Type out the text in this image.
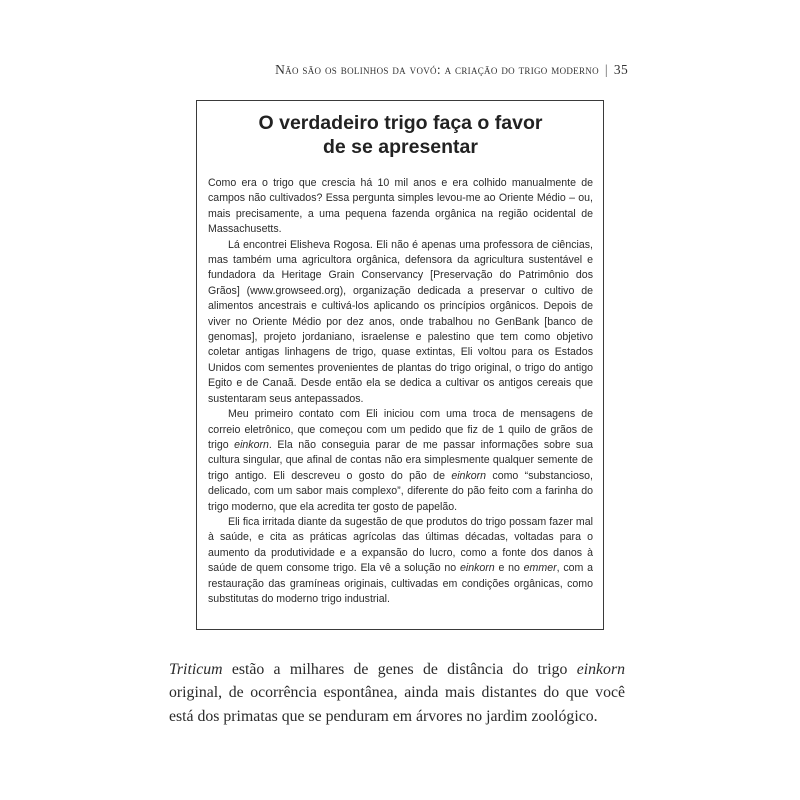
Não são os bolinhos da vovó: a criação do trigo moderno | 35
O verdadeiro trigo faça o favor
de se apresentar

Como era o trigo que crescia há 10 mil anos e era colhido manualmente de campos não cultivados? Essa pergunta simples levou-me ao Oriente Médio – ou, mais precisamente, a uma pequena fazenda orgânica na região ocidental de Massachusetts.

Lá encontrei Elisheva Rogosa. Eli não é apenas uma professora de ciências, mas também uma agricultora orgânica, defensora da agricultura sustentável e fundadora da Heritage Grain Conservancy [Preservação do Patrimônio dos Grãos] (www.growseed.org), organização dedicada a preservar o cultivo de alimentos ancestrais e cultivá-los aplicando os princípios orgânicos. Depois de viver no Oriente Médio por dez anos, onde trabalhou no GenBank [banco de genomas], projeto jordaniano, israelense e palestino que tem como objetivo coletar antigas linhagens de trigo, quase extintas, Eli voltou para os Estados Unidos com sementes provenientes de plantas do trigo original, o trigo do antigo Egito e de Canaã. Desde então ela se dedica a cultivar os antigos cereais que sustentaram seus antepassados.

Meu primeiro contato com Eli iniciou com uma troca de mensagens de correio eletrônico, que começou com um pedido que fiz de 1 quilo de grãos de trigo einkorn. Ela não conseguia parar de me passar informações sobre sua cultura singular, que afinal de contas não era simplesmente qualquer semente de trigo antigo. Eli descreveu o gosto do pão de einkorn como “substancioso, delicado, com um sabor mais complexo”, diferente do pão feito com a farinha do trigo moderno, que ela acredita ter gosto de papelão.

Eli fica irritada diante da sugestão de que produtos do trigo possam fazer mal à saúde, e cita as práticas agrícolas das últimas décadas, voltadas para o aumento da produtividade e a expansão do lucro, como a fonte dos danos à saúde de quem consome trigo. Ela vê a solução no einkorn e no emmer, com a restauração das gramíneas originais, cultivadas em condições orgânicas, como substitutas do moderno trigo industrial.

Triticum estão a milhares de genes de distância do trigo einkorn original, de ocorrência espontânea, ainda mais distantes do que você está dos primatas que se penduram em árvores no jardim zoológico.
